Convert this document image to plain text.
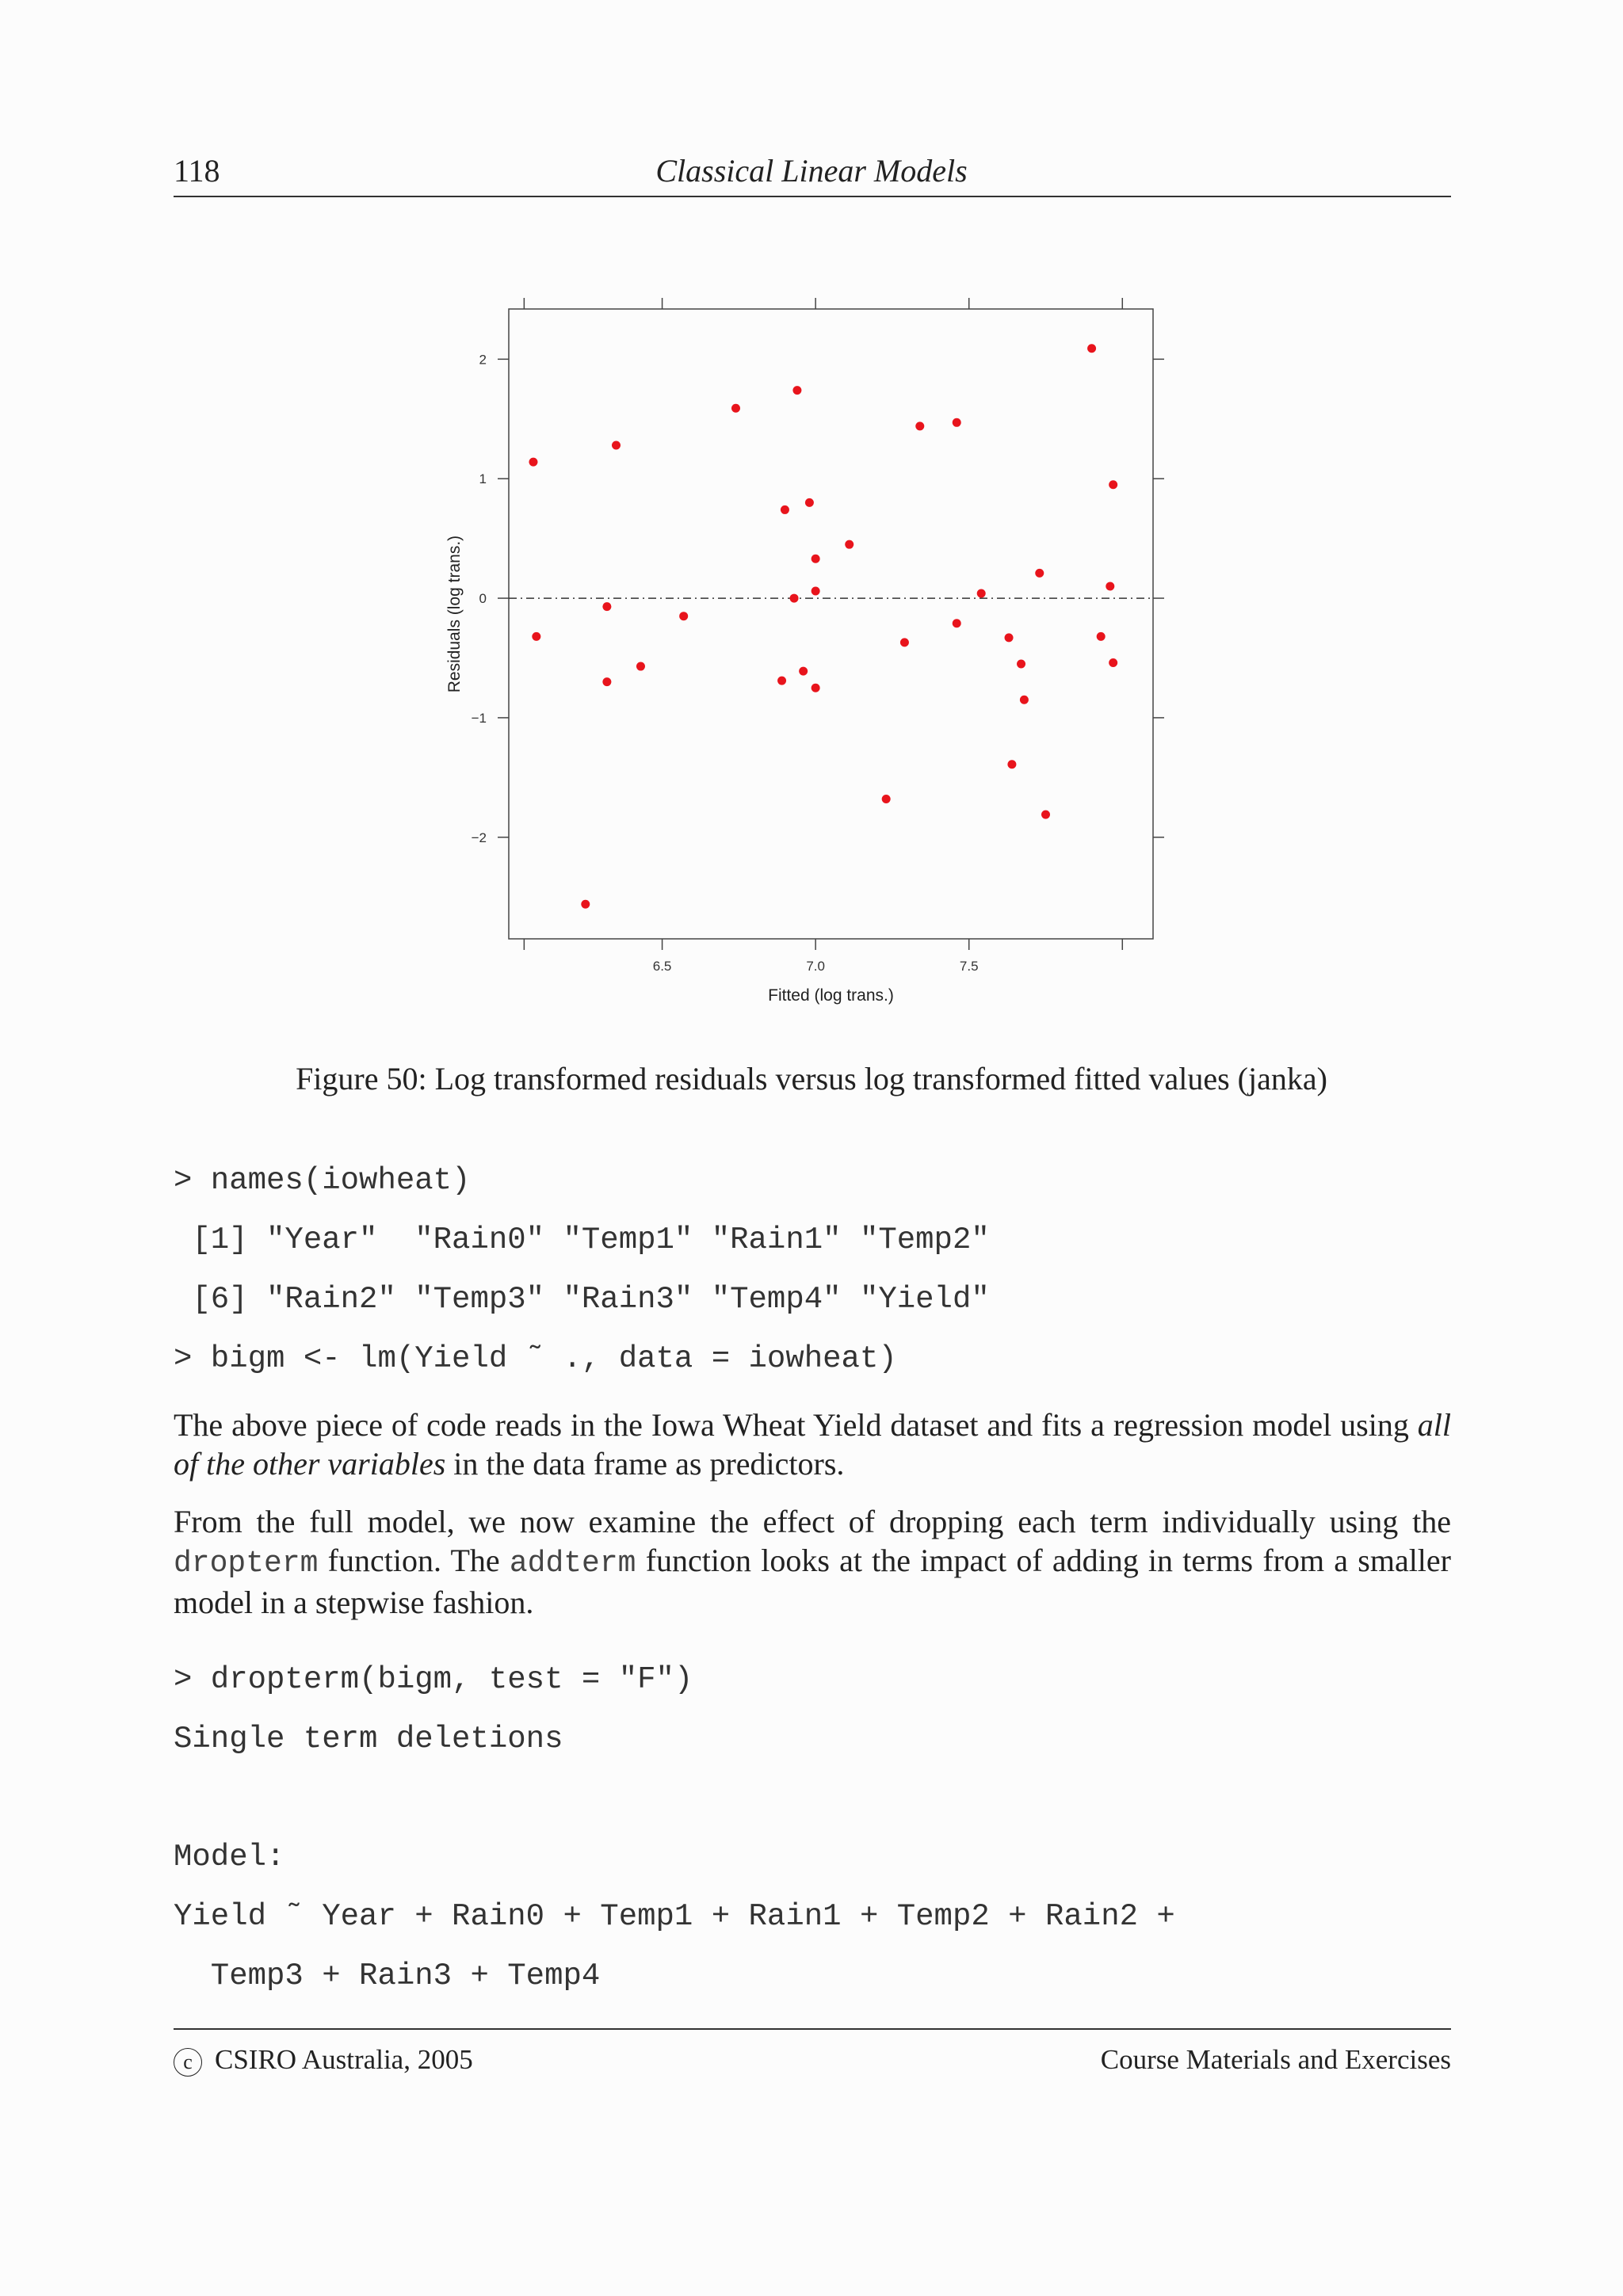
118	Classical Linear Models
6.5	7.0	7.5
−2
−1
0
1
2
Fitted (log trans.)
Residuals (log trans.)
Figure 50: Log transformed residuals versus log transformed fitted values (janka)
> names(iowheat)
[1] "Year"  "Rain0" "Temp1" "Rain1" "Temp2"
[6] "Rain2" "Temp3" "Rain3" "Temp4" "Yield"
> bigm <- lm(Yield ˜ ., data = iowheat)
The above piece of code reads in the Iowa Wheat Yield dataset and fits a regression model using all of the other variables in the data frame as predictors.
From the full model, we now examine the effect of dropping each term individually using the dropterm function. The addterm function looks at the impact of adding in terms from a smaller model in a stepwise fashion.
> dropterm(bigm, test = "F")
Single term deletions
Model:
Yield ˜ Year + Rain0 + Temp1 + Rain1 + Temp2 + Rain2 +
Temp3 + Rain3 + Temp4
c CSIRO Australia, 2005	Course Materials and Exercises
